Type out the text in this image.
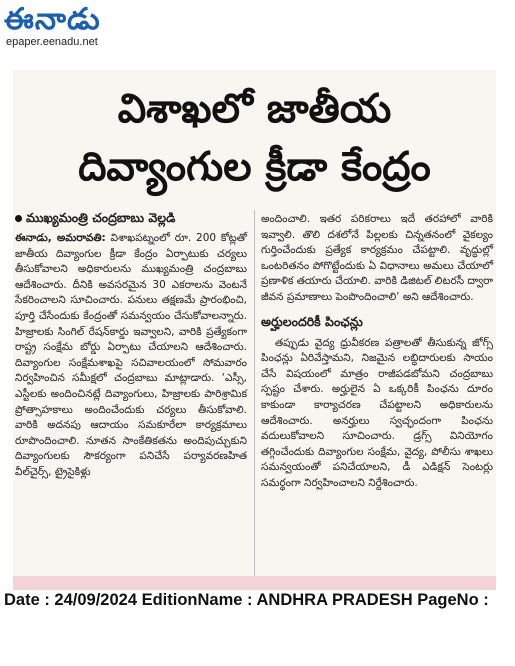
ఈనాడు
epaper.eenadu.net
విశాఖలో జాతీయ
దివ్యాంగుల క్రీడా కేంద్రం
ముఖ్యమంత్రి చంద్రబాబు వెల్లడి

ఈనాడు, అమరావతి: విశాఖపట్నంలో రూ. 200 కోట్లతో జాతీయ దివ్యాంగుల క్రీడా కేంద్రం ఏర్పాటుకు చర్యలు తీసుకోవాలని అధికారులను ముఖ్యమంత్రి చంద్రబాబు ఆదేశించారు. దీనికి అవసరమైన 30 ఎకరాలను వెంటనే సేకరించాలని సూచించారు. పనులు తక్షణమే ప్రారంభించి, పూర్తి చేసేందుకు కేంద్రంతో సమన్వయం చేసుకోవాలన్నారు. హిజ్రాలకు సింగిల్ రేషన్‌కార్డు ఇవ్వాలని, వారికి ప్రత్యేకంగా రాష్ట్ర సంక్షేమ బోర్డు ఏర్పాటు చేయాలని ఆదేశించారు. దివ్యాంగుల సంక్షేమశాఖపై సచివాలయంలో సోమవారం నిర్వహించిన సమీక్షలో చంద్రబాబు మాట్లాడారు. ‘ఎస్సీ, ఎస్టీలకు అందించినట్లే దివ్యాంగులు, హిజ్రాలకు పారిశ్రామిక ప్రోత్సాహకాలు అందించేందుకు చర్యలు తీసుకోవాలి. వారికి అదనపు ఆదాయం సమకూరేలా కార్యక్రమాలు రూపొందించాలి. నూతన సాంకేతికతను అందిపుచ్చుకుని దివ్యాంగులకు సౌకర్యంగా పనిచేసే పర్యావరణహిత వీల్‌చైర్స్, ట్రైసైకిళ్లు

అందించాలి. ఇతర పరికరాలు ఇదే తరహాలో వారికి ఇవ్వాలి. తొలి దశలోనే పిల్లలకు చిన్నతనంలో వైకల్యం గుర్తించేందుకు ప్రత్యేక కార్యక్రమం చేపట్టాలి. వృద్ధుల్లో ఒంటరితనం పోగొట్టేందుకు ఏ విధానాలు అమలు చేయాలో ప్రణాళిక తయారు చేయాలి. వారికి డిజిటల్ లిటరసీ ద్వారా జీవన ప్రమాణాలు పెంపొందించాలి’ అని ఆదేశించారు.

అర్హులందరికీ పింఛన్లు

తప్పుడు వైద్య ధ్రువీకరణ పత్రాలతో తీసుకున్న జోగ్స్ పింఛన్లు ఏరివేస్తామని, నిజమైన లబ్ధిదారులకు సాయం చేసే విషయంలో మాత్రం రాజీపడబోమని చంద్రబాబు స్పష్టం చేశారు. అర్హులైన ఏ ఒక్కరికీ పింఛను దూరం కాకుండా కార్యాచరణ చేపట్టాలని అధికారులను ఆదేశించారు. అనర్హులు స్వచ్ఛందంగా పింఛను వదులుకోవాలని సూచించారు. డ్రగ్స్ వినియోగం తగ్గించేందుకు దివ్యాంగుల సంక్షేమ, వైద్య, పోలీసు శాఖలు సమన్వయంతో పనిచేయాలని, డీ ఎడిక్షన్ సెంటర్లు సమర్థంగా నిర్వహించాలని నిర్దేశించారు.

Date : 24/09/2024 EditionName : ANDHRA PRADESH PageNo :
